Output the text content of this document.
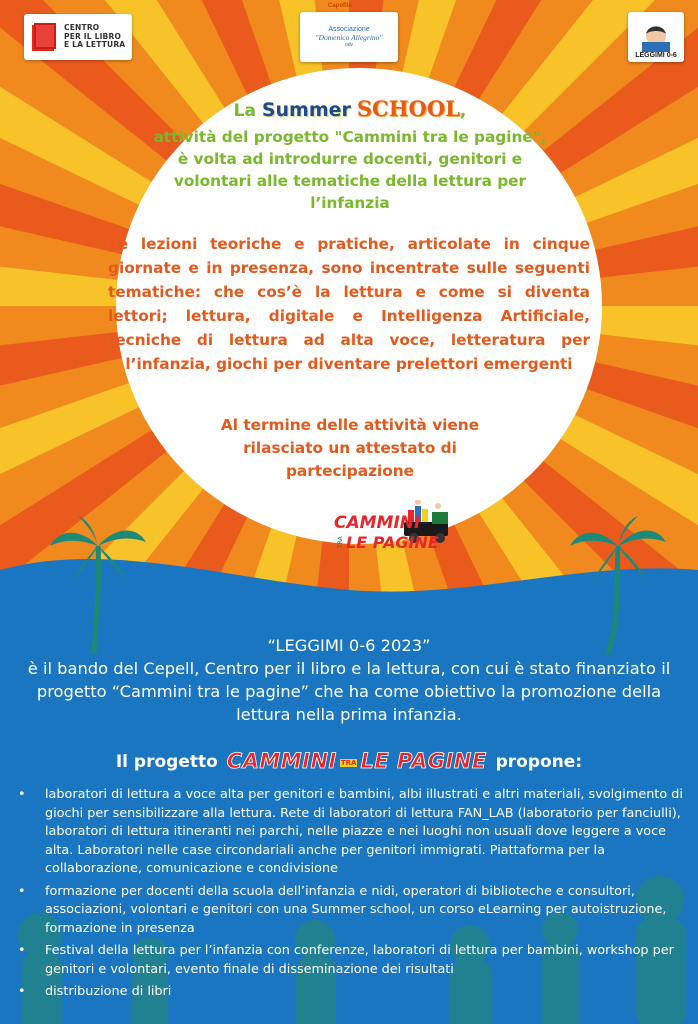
CENTRO
PER IL LIBRO
E LA LETTURA
Capofila
Associazione
"Domenico Allegrino"
odv
LEGGIMI 0-6
La Summer SCHOOL,
attività del progetto "Cammini tra le pagine", è volta ad introdurre docenti, genitori e volontari alle tematiche della lettura per l’infanzia
Le lezioni teoriche e pratiche, articolate in cinque giornate e in presenza, sono incentrate sulle seguenti tematiche: che cos’è la lettura e come si diventa lettori; lettura, digitale e Intelligenza Artificiale, tecniche di lettura ad alta voce, letteratura per l’infanzia, giochi per diventare prelettori emergenti
Al termine delle attività viene rilasciato un attestato di partecipazione
CAMMINI
TRA LE PAGINE
“LEGGIMI 0-6 2023”
è il bando del Cepell, Centro per il libro e la lettura, con cui è stato finanziato il progetto “Cammini tra le pagine” che ha come obiettivo la promozione della lettura nella prima infanzia.
Il progetto CAMMINI TRA LE PAGINE propone:
• laboratori di lettura a voce alta per genitori e bambini, albi illustrati e altri materiali, svolgimento di giochi per sensibilizzare alla lettura. Rete di laboratori di lettura FAN_LAB (laboratorio per fanciulli), laboratori di lettura itineranti nei parchi, nelle piazze e nei luoghi non usuali dove leggere a voce alta. Laboratori nelle case circondariali anche per genitori immigrati. Piattaforma per la collaborazione, comunicazione e condivisione
• formazione per docenti della scuola dell’infanzia e nidi, operatori di biblioteche e consultori, associazioni, volontari e genitori con una Summer school, un corso eLearning per autoistruzione, formazione in presenza
• Festival della lettura per l’infanzia con conferenze, laboratori di lettura per bambini, workshop per genitori e volontari, evento finale di disseminazione dei risultati
• distribuzione di libri
